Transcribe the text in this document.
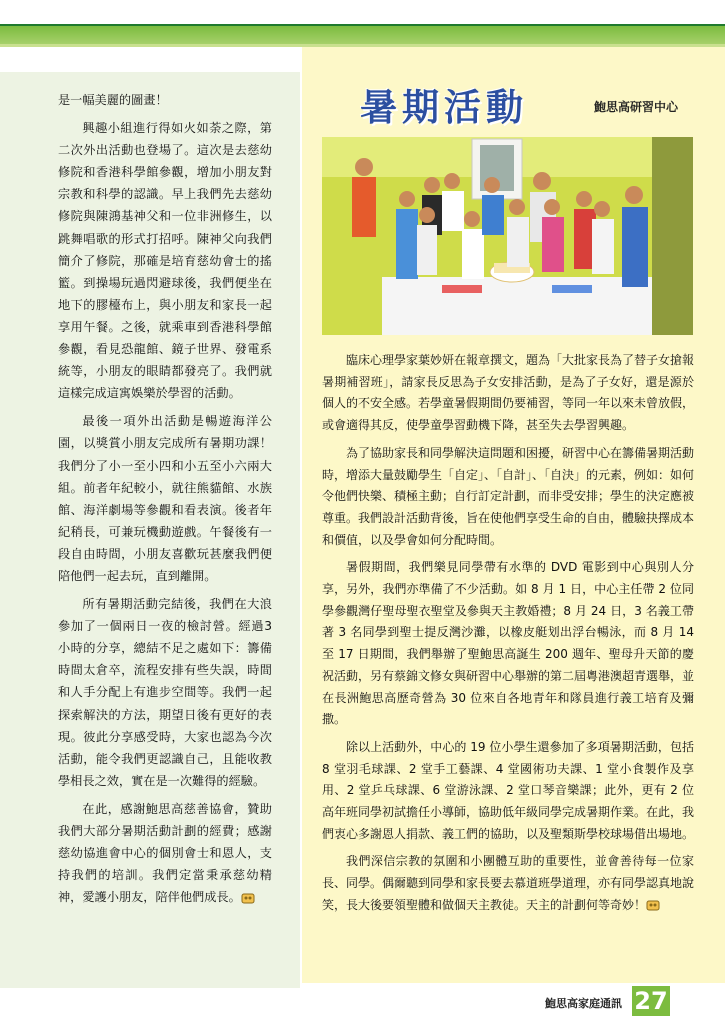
是一幅美麗的圖畫！

興趣小組進行得如火如荼之際，第二次外出活動也登場了。這次是去慈幼修院和香港科學館參觀，增加小朋友對宗教和科學的認識。早上我們先去慈幼修院與陳鴻基神父和一位非洲修生，以跳舞唱歌的形式打招呼。陳神父向我們簡介了修院，那確是培育慈幼會士的搖籃。到操場玩過閃避球後，我們便坐在地下的膠檯布上，與小朋友和家長一起享用午餐。之後，就乘車到香港科學館參觀，看見恐龍館、鏡子世界、發電系統等，小朋友的眼睛都發亮了。我們就這樣完成這寓娛樂於學習的活動。

最後一項外出活動是暢遊海洋公園，以獎賞小朋友完成所有暑期功課！我們分了小一至小四和小五至小六兩大組。前者年紀較小，就往熊貓館、水族館、海洋劇場等參觀和看表演。後者年紀稍長，可兼玩機動遊戲。午餐後有一段自由時間，小朋友喜歡玩甚麼我們便陪他們一起去玩，直到離開。

所有暑期活動完結後，我們在大浪參加了一個兩日一夜的檢討營。經過3小時的分享，總結不足之處如下：籌備時間太倉卒，流程安排有些失誤，時間和人手分配上有進步空間等。我們一起探索解決的方法，期望日後有更好的表現。彼此分享感受時，大家也認為今次活動，能令我們更認識自己，且能收教學相長之效，實在是一次難得的經驗。

在此，感謝鮑思高慈善協會，贊助我們大部分暑期活動計劃的經費；感謝慈幼協進會中心的個別會士和恩人，支持我們的培訓。我們定當秉承慈幼精神，愛護小朋友，陪伴他們成長。

暑期活動	鮑思高研習中心

臨床心理學家葉妙妍在報章撰文，題為「大批家長為了替子女搶報暑期補習班」，請家長反思為子女安排活動，是為了子女好，還是源於個人的不安全感。若學童暑假期間仍要補習，等同一年以來未曾放假，或會適得其反，使學童學習動機下降，甚至失去學習興趣。

為了協助家長和同學解決這問題和困擾，研習中心在籌備暑期活動時，增添大量鼓勵學生「自定」、「自計」、「自決」的元素，例如：如何令他們快樂、積極主動；自行訂定計劃，而非受安排；學生的決定應被尊重。我們設計活動背後，旨在使他們享受生命的自由，體驗抉擇成本和價值，以及學會如何分配時間。

暑假期間，我們樂見同學帶有水準的 DVD 電影到中心與別人分享，另外，我們亦準備了不少活動。如 8 月 1 日，中心主任帶 2 位同學參觀灣仔聖母聖衣聖堂及參與天主教婚禮；8 月 24 日，3 名義工帶著 3 名同學到聖士提反灣沙灘，以橡皮艇划出浮台暢泳，而 8 月 14 至 17 日期間，我們舉辦了聖鮑思高誕生 200 週年、聖母升天節的慶祝活動，另有蔡錦文修女與研習中心舉辦的第二屆粵港澳超青選舉，並在長洲鮑思高歷奇營為 30 位來自各地青年和隊員進行義工培育及彌撒。

除以上活動外，中心的 19 位小學生還參加了多項暑期活動，包括 8 堂羽毛球課、2 堂手工藝課、4 堂國術功夫課、1 堂小食製作及享用、2 堂乒乓球課、6 堂游泳課、2 堂口琴音樂課；此外，更有 2 位高年班同學初試擔任小導師，協助低年級同學完成暑期作業。在此，我們衷心多謝恩人捐款、義工們的協助，以及聖類斯學校球場借出場地。

我們深信宗教的氛圍和小團體互助的重要性，並會善待每一位家長、同學。偶爾聽到同學和家長要去慕道班學道理，亦有同學認真地說笑，長大後要領聖體和做個天主教徒。天主的計劃何等奇妙！

鮑思高家庭通訊 27
